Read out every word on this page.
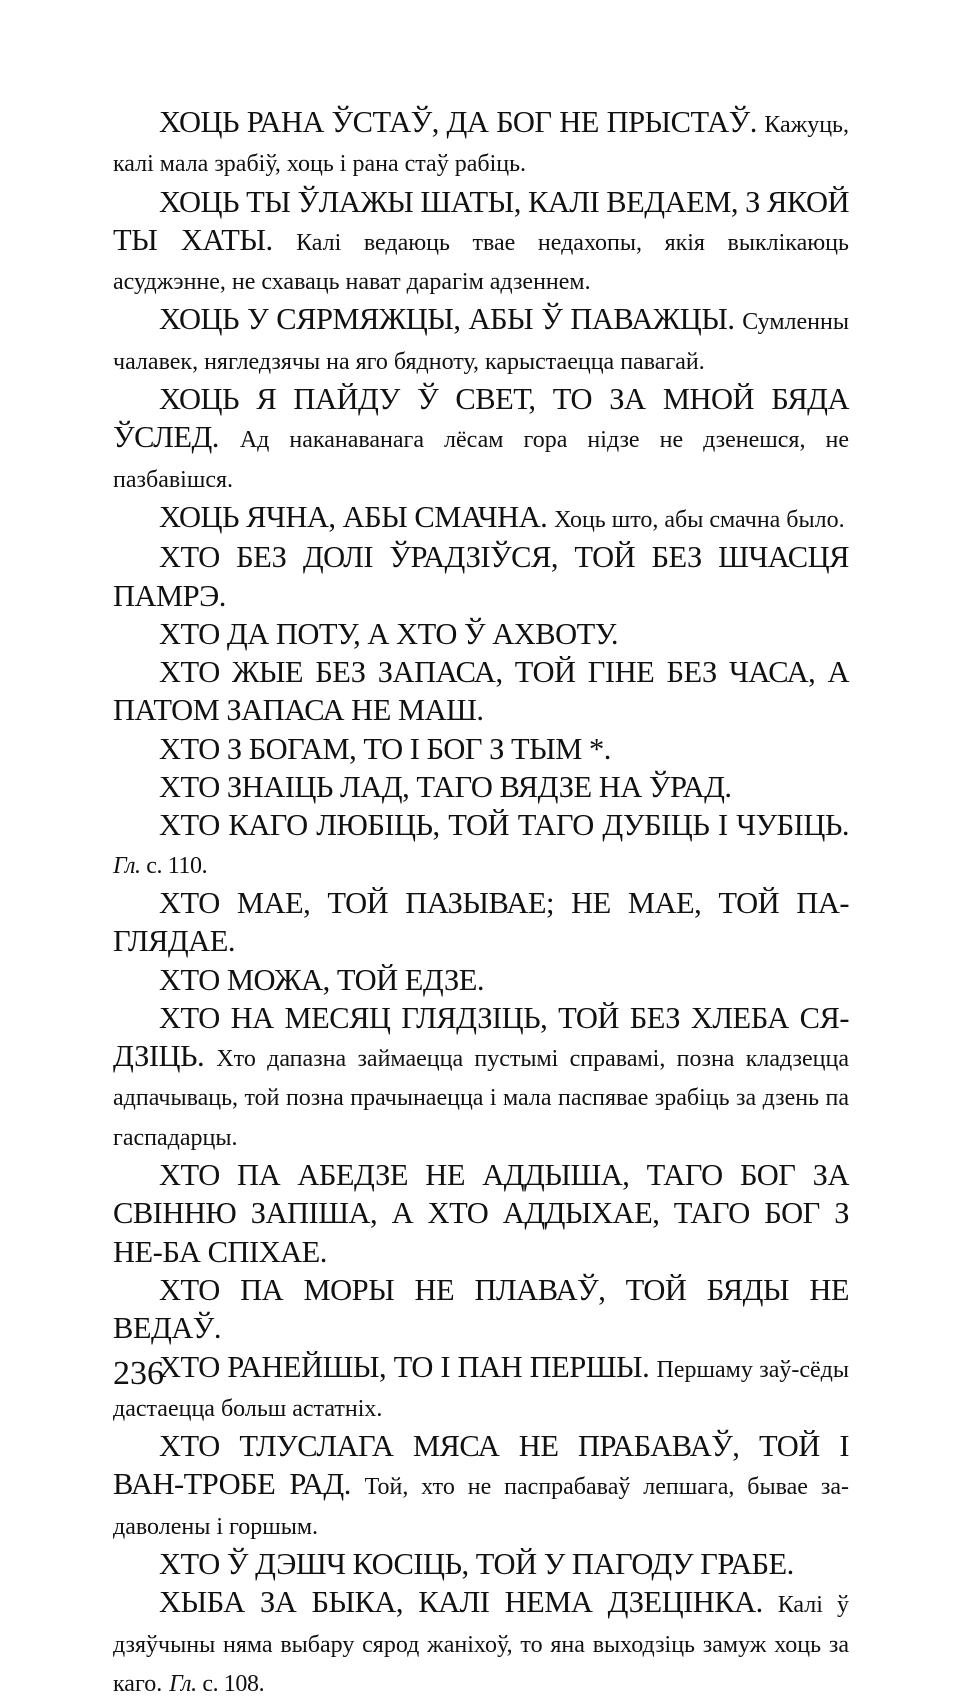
ХОЦЬ РАНА ЎСТАЎ, ДА БОГ НЕ ПРЫСТАЎ. Кажуць, калі мала зрабіў, хоць і рана стаў рабіць.

ХОЦЬ ТЫ ЎЛАЖЫ ШАТЫ, КАЛІ ВЕДАЕМ, З ЯКОЙ ТЫ ХАТЫ. Калі ведаюць твае недахопы, якія выклікаюць асуджэнне, не схаваць нават дарагім адзеннем.

ХОЦЬ У СЯРМЯЖЦЫ, АБЫ Ў ПАВАЖЦЫ. Сумленны чалавек, нягледзячы на яго бядноту, карыстаецца павагай.

ХОЦЬ Я ПАЙДУ Ў СВЕТ, ТО ЗА МНОЙ БЯДА ЎСЛЕД. Ад наканаванага лёсам гора нідзе не дзенешся, не пазбавішся.

ХОЦЬ ЯЧНА, АБЫ СМАЧНА. Хоць што, абы смачна было.

ХТО БЕЗ ДОЛІ ЎРАДЗІЎСЯ, ТОЙ БЕЗ ШЧАСЦЯ ПАМРЭ.

ХТО ДА ПОТУ, А ХТО Ў АХВОТУ.

ХТО ЖЫЕ БЕЗ ЗАПАСА, ТОЙ ГІНЕ БЕЗ ЧАСА, А ПАТОМ ЗАПАСА НЕ МАШ.

ХТО З БОГАМ, ТО І БОГ З ТЫМ *.

ХТО ЗНАІЦЬ ЛАД, ТАГО ВЯДЗЕ НА ЎРАД.

ХТО КАГО ЛЮБІЦЬ, ТОЙ ТАГО ДУБІЦЬ І ЧУБІЦЬ. Гл. с. 110.

ХТО МАЕ, ТОЙ ПАЗЫВАЕ; НЕ МАЕ, ТОЙ ПА-ГЛЯДАЕ.

ХТО МОЖА, ТОЙ ЕДЗЕ.

ХТО НА МЕСЯЦ ГЛЯДЗІЦЬ, ТОЙ БЕЗ ХЛЕБА СЯ-ДЗІЦЬ. Хто дапазна займаецца пустымі справамі, позна кладзецца адпачываць, той позна прачынаецца і мала паспявае зрабіць за дзень па гаспадарцы.

ХТО ПА АБЕДЗЕ НЕ АДДЫША, ТАГО БОГ ЗА СВІННЮ ЗАПІША, А ХТО АДДЫХАЕ, ТАГО БОГ З НЕ-БА СПІХАЕ.

ХТО ПА МОРЫ НЕ ПЛАВАЎ, ТОЙ БЯДЫ НЕ ВЕДАЎ.

ХТО РАНЕЙШЫ, ТО І ПАН ПЕРШЫ. Першаму заў-сёды дастаецца больш астатніх.

ХТО ТЛУСЛАГА МЯСА НЕ ПРАБАВАЎ, ТОЙ І ВАН-ТРОБЕ РАД. Той, хто не паспрабаваў лепшага, бывае за-даволены і горшым.

ХТО Ў ДЭШЧ КОСІЦЬ, ТОЙ У ПАГОДУ ГРАБЕ.

ХЫБА ЗА БЫКА, КАЛІ НЕМА ДЗЕЦІНКА. Калі ў дзяўчыны няма выбару сярод жаніхоў, то яна выходзіць замуж хоць за каго. Гл. с. 108.

236
